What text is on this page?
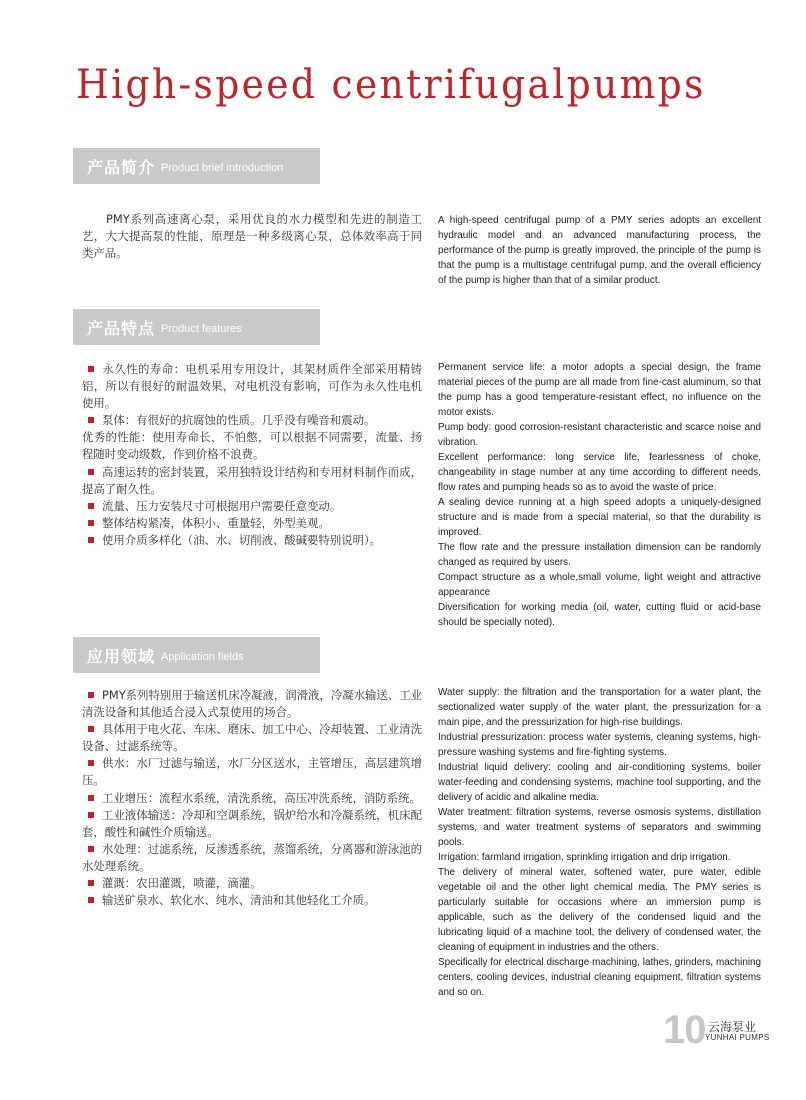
High-speed centrifugalpumps
产品简介 Product brief introduction

PMY系列高速离心泵，采用优良的水力模型和先进的制造工艺，大大提高泵的性能，原理是一种多级离心泵，总体效率高于同类产品。

A high-speed centrifugal pump of a PMY series adopts an excellent hydraulic model and an advanced manufacturing process, the performance of the pump is greatly improved, the principle of the pump is that the pump is a multistage centrifugal pump, and the overall efficiency of the pump is higher than that of a similar product.

产品特点 Product features

永久性的寿命：电机采用专用设计，其架材质件全部采用精铸铝，所以有很好的耐温效果，对电机没有影响，可作为永久性电机使用。

泵体：有很好的抗腐蚀的性质。几乎没有噪音和震动。

优秀的性能：使用寿命长，不怕憋，可以根据不同需要，流量、扬程随时变动级数，作到价格不浪费。

高速运转的密封装置，采用独特设计结构和专用材料制作而成，提高了耐久性。

流量、压力安装尺寸可根据用户需要任意变动。

整体结构紧凑，体积小、重量轻，外型美观。

使用介质多样化（油、水、切削液、酸碱要特别说明）。

Permanent service life: a motor adopts a special design, the frame material pieces of the pump are all made from fine-cast aluminum, so that the pump has a good temperature-resistant effect, no influence on the motor exists.

Pump body: good corrosion-resistant characteristic and scarce noise and vibration.

Excellent performance: long service life, fearlessness of choke, changeability in stage number at any time according to different needs, flow rates and pumping heads so as to avoid the waste of price.

A sealing device running at a high speed adopts a uniquely-designed structure and is made from a special material, so that the durability is improved.

The flow rate and the pressure installation dimension can be randomly changed as required by users.

Compact structure as a whole,small volume, light weight and attractive appearance

Diversification for working media (oil, water, cutting fluid or acid-base should be specially noted).

应用领域 Application fields

PMY系列特别用于输送机床冷凝液，润滑液，冷凝水输送、工业清洗设备和其他适合浸入式泵使用的场合。

具体用于电火花、车床、磨床、加工中心、冷却装置、工业清洗设备、过滤系统等。

供水：水厂过滤与输送，水厂分区送水，主管增压，高层建筑增压。

工业增压：流程水系统，清洗系统，高压冲洗系统，消防系统。

工业液体输送：冷却和空调系统，锅炉给水和冷凝系统，机床配套，酸性和碱性介质输送。

水处理：过滤系统，反渗透系统，蒸馏系统，分离器和游泳池的水处理系统。

灌溉：农田灌溉，喷灌，滴灌。

输送矿泉水、软化水、纯水、清油和其他轻化工介质。

Water supply: the filtration and the transportation for a water plant, the sectionalized water supply of the water plant, the pressurization for a main pipe, and the pressurization for high-rise buildings.

Industrial pressurization: process water systems, cleaning systems, high-pressure washing systems and fire-fighting systems.

Industrial liquid delivery: cooling and air-conditioning systems, boiler water-feeding and condensing systems, machine tool supporting, and the delivery of acidic and alkaline media.

Water treatment: filtration systems, reverse osmosis systems, distillation systems, and water treatment systems of separators and swimming pools.

Irrigation: farmland irrigation, sprinkling irrigation and drip irrigation.

The delivery of mineral water, softened water, pure water, edible vegetable oil and the other light chemical media. The PMY series is particularly suitable for occasions where an immersion pump is applicable, such as the delivery of the condensed liquid and the lubricating liquid of a machine tool, the delivery of condensed water, the cleaning of equipment in industries and the others.

Specifically for electrical discharge machining, lathes, grinders, machining centers, cooling devices, industrial cleaning equipment, filtration systems and so on.

10 云海泵业
YUNHAI PUMPS
